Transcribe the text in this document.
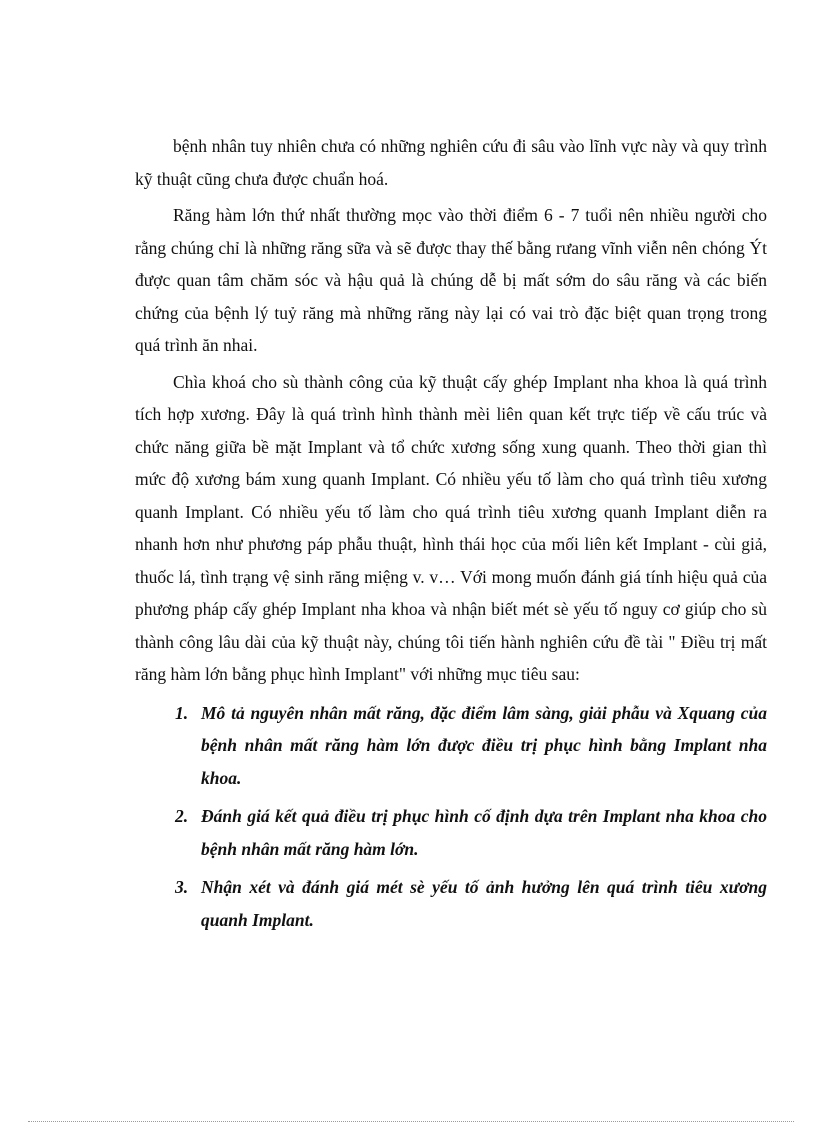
bệnh nhân tuy nhiên chưa có những nghiên cứu đi sâu vào lĩnh vực này và quy trình kỹ thuật cũng chưa được chuẩn hoá.

Răng hàm lớn thứ nhất thường mọc vào thời điểm 6 - 7 tuổi nên nhiều người cho rằng chúng chỉ là những răng sữa và sẽ được thay thế bằng rưang vĩnh viễn nên chóng Ýt được quan tâm chăm sóc và hậu quả là chúng dễ bị mất sớm do sâu răng và các biến chứng của bệnh lý tuỷ răng mà những răng này lại có vai trò đặc biệt quan trọng trong quá trình ăn nhai.

Chìa khoá cho sù thành công của kỹ thuật cấy ghép Implant nha khoa là quá trình tích hợp xương. Đây là quá trình hình thành mèi liên quan kết trực tiếp về cấu trúc và chức năng giữa bề mặt Implant và tổ chức xương sống xung quanh. Theo thời gian thì mức độ xương bám xung quanh Implant. Có nhiều yếu tố làm cho quá trình tiêu xương quanh Implant. Có nhiều yếu tố làm cho quá trình tiêu xương quanh Implant diễn ra nhanh hơn như phương páp phẫu thuật, hình thái học của mối liên kết Implant - cùi giả, thuốc lá, tình trạng vệ sinh răng miệng v. v… Với mong muốn đánh giá tính hiệu quả của phương pháp cấy ghép Implant nha khoa và nhận biết mét sè yếu tố nguy cơ giúp cho sù thành công lâu dài của kỹ thuật này, chúng tôi tiến hành nghiên cứu đề tài " Điều trị mất răng hàm lớn bằng phục hình Implant" với những mục tiêu sau:

1. Mô tả nguyên nhân mất răng, đặc điểm lâm sàng, giải phẫu và Xquang của bệnh nhân mất răng hàm lớn được điều trị phục hình bằng Implant nha khoa.
2. Đánh giá kết quả điều trị phục hình cố định dựa trên Implant nha khoa cho bệnh nhân mất răng hàm lớn.
3. Nhận xét và đánh giá mét sè yếu tố ảnh hưởng lên quá trình tiêu xương quanh Implant.
